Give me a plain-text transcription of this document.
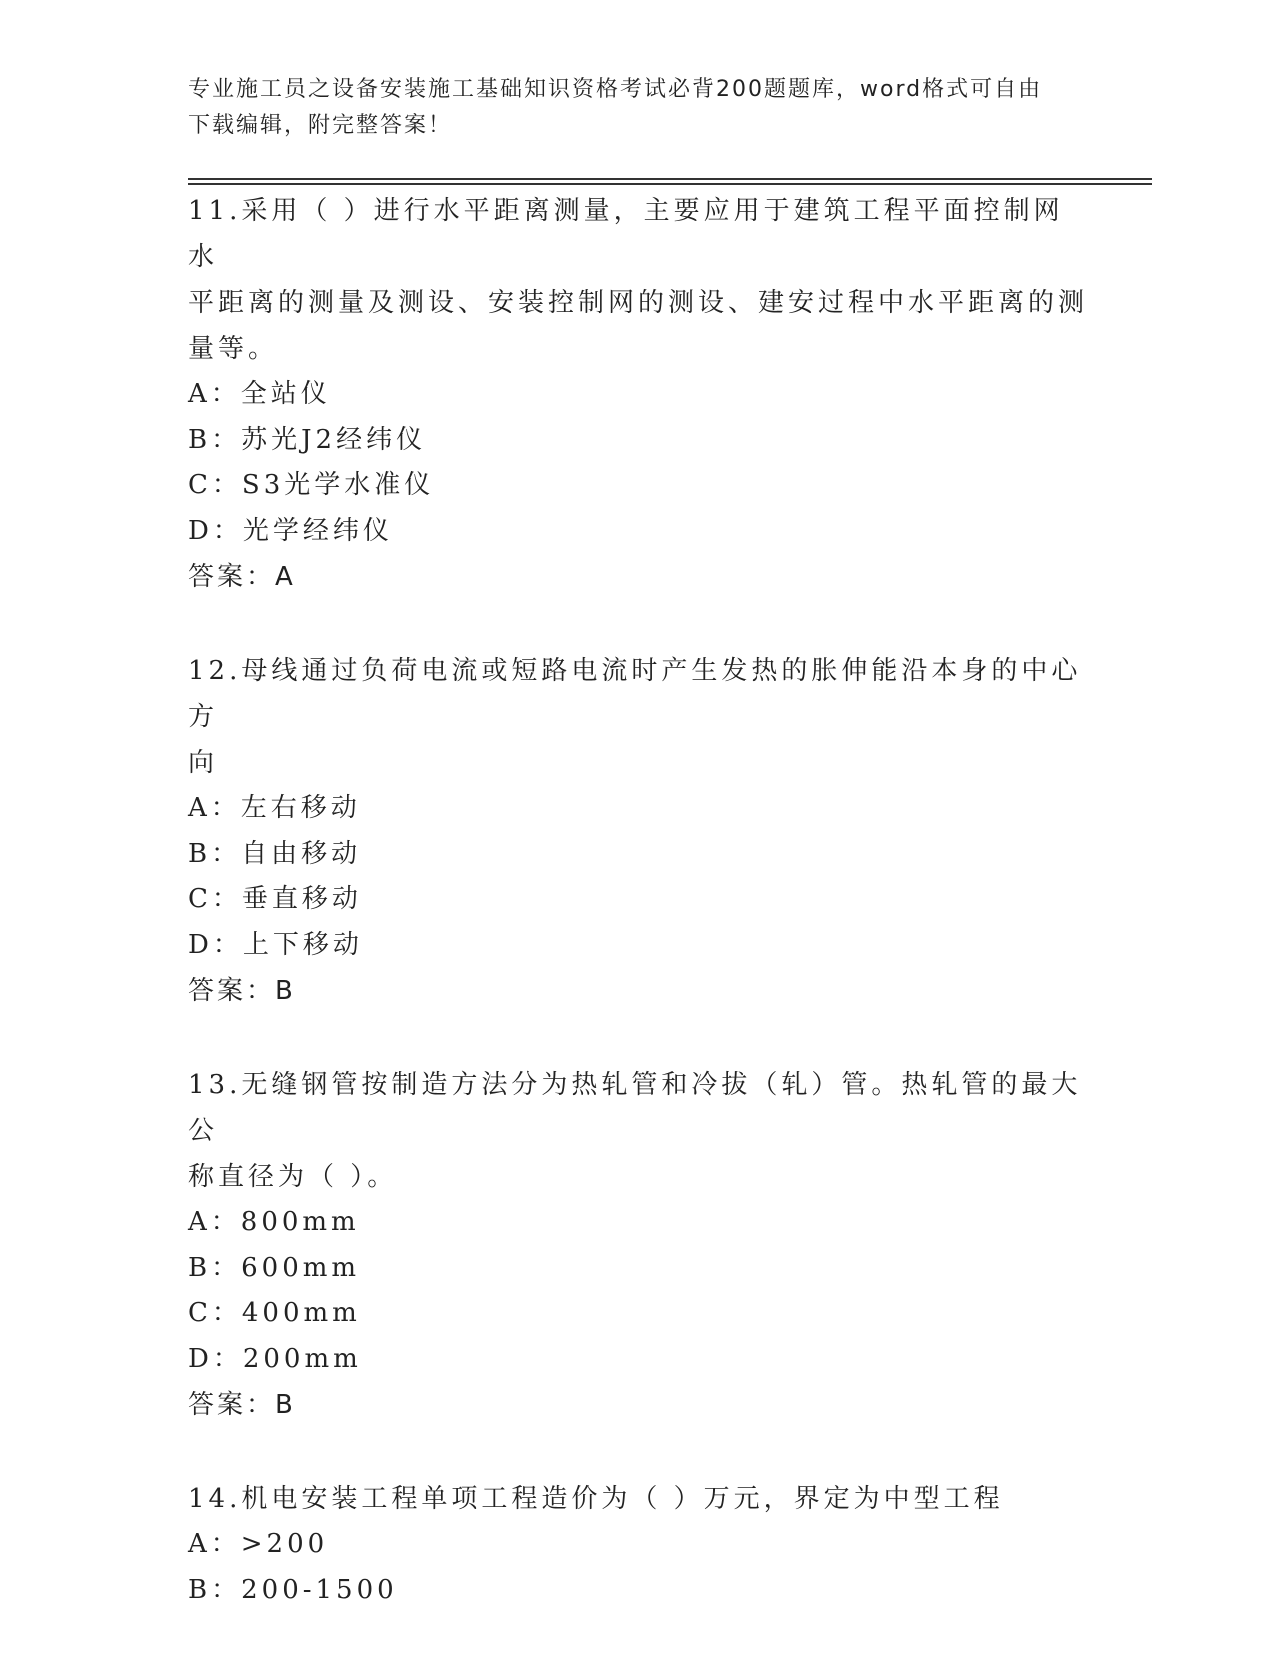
专业施工员之设备安装施工基础知识资格考试必背200题题库，word格式可自由
下载编辑，附完整答案！
11.采用（ ）进行水平距离测量，主要应用于建筑工程平面控制网水
平距离的测量及测设、安装控制网的测设、建安过程中水平距离的测
量等。
A：全站仪
B：苏光J2经纬仪
C：S3光学水准仪
D：光学经纬仪
答案：A
12.母线通过负荷电流或短路电流时产生发热的胀伸能沿本身的中心方
向
A：左右移动
B：自由移动
C：垂直移动
D：上下移动
答案：B
13.无缝钢管按制造方法分为热轧管和冷拔（轧）管。热轧管的最大公
称直径为（ ）。
A：800mm
B：600mm
C：400mm
D：200mm
答案：B
14.机电安装工程单项工程造价为（ ）万元，界定为中型工程
A：>200
B：200-1500
